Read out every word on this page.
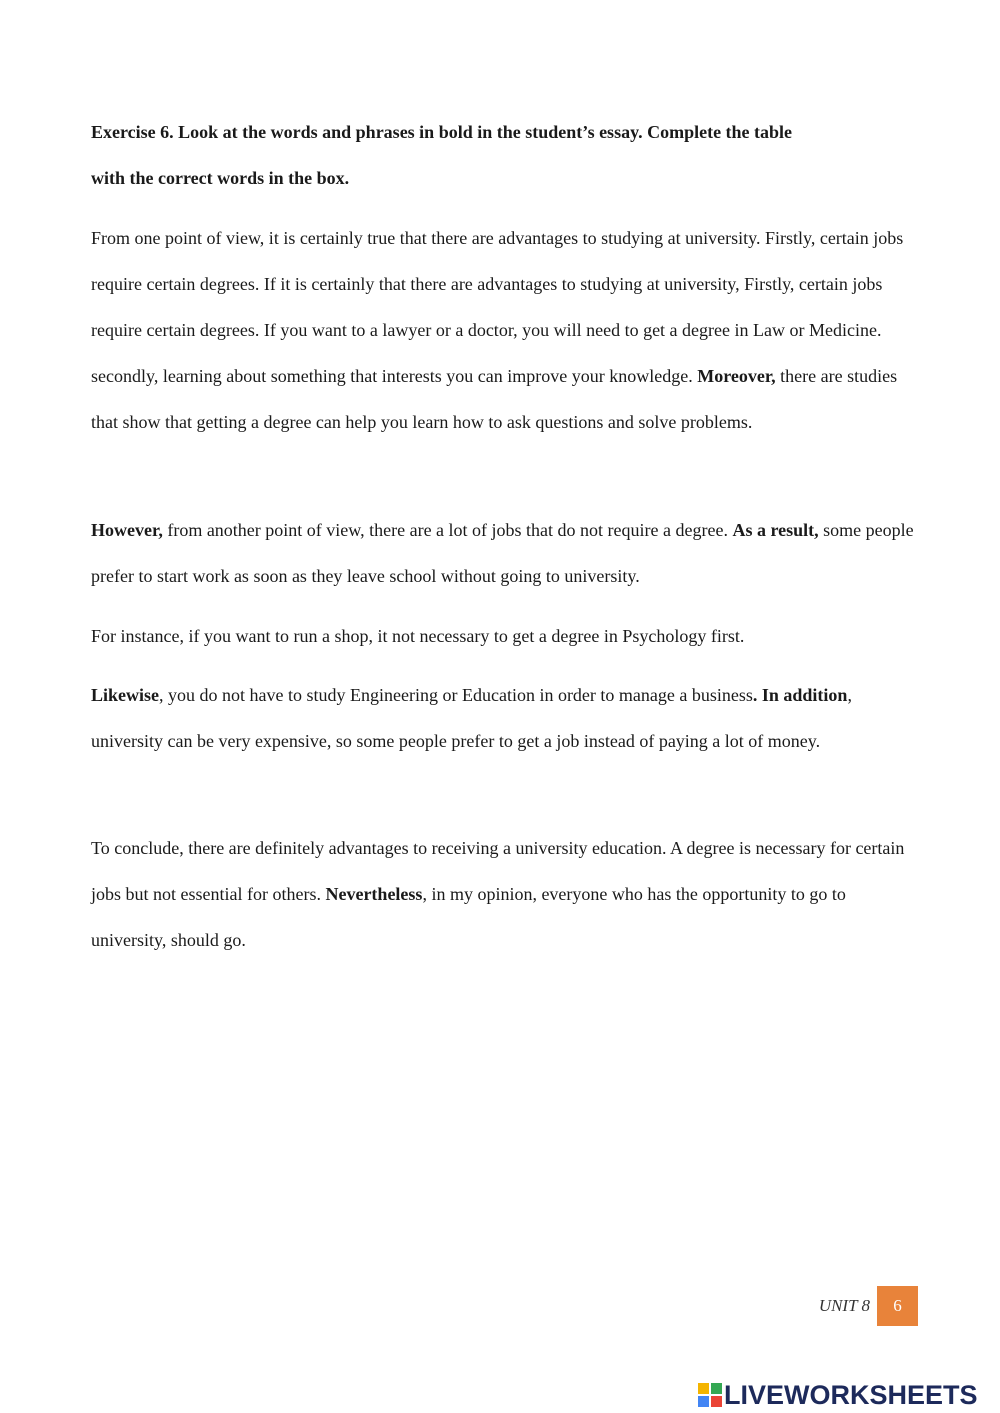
Exercise 6. Look at the words and phrases in bold in the student’s essay. Complete the table
with the correct words in the box.

From one point of view, it is certainly true that there are advantages to studying at university. Firstly, certain jobs require certain degrees. If it is certainly that there are advantages to studying at university, Firstly, certain jobs require certain degrees. If you want to a lawyer or a doctor, you will need to get a degree in Law or Medicine. secondly, learning about something that interests you can improve your knowledge. Moreover, there are studies that show that getting a degree can help you learn how to ask questions and solve problems.

However, from another point of view, there are a lot of jobs that do not require a degree. As a result, some people prefer to start work as soon as they leave school without going to university.

For instance, if you want to run a shop, it not necessary to get a degree in Psychology first.

Likewise, you do not have to study Engineering or Education in order to manage a business. In addition, university can be very expensive, so some people prefer to get a job instead of paying a lot of money.

To conclude, there are definitely advantages to receiving a university education. A degree is necessary for certain jobs but not essential for others. Nevertheless, in my opinion, everyone who has the opportunity to go to university, should go.

UNIT 8 6
LIVEWORKSHEETS
